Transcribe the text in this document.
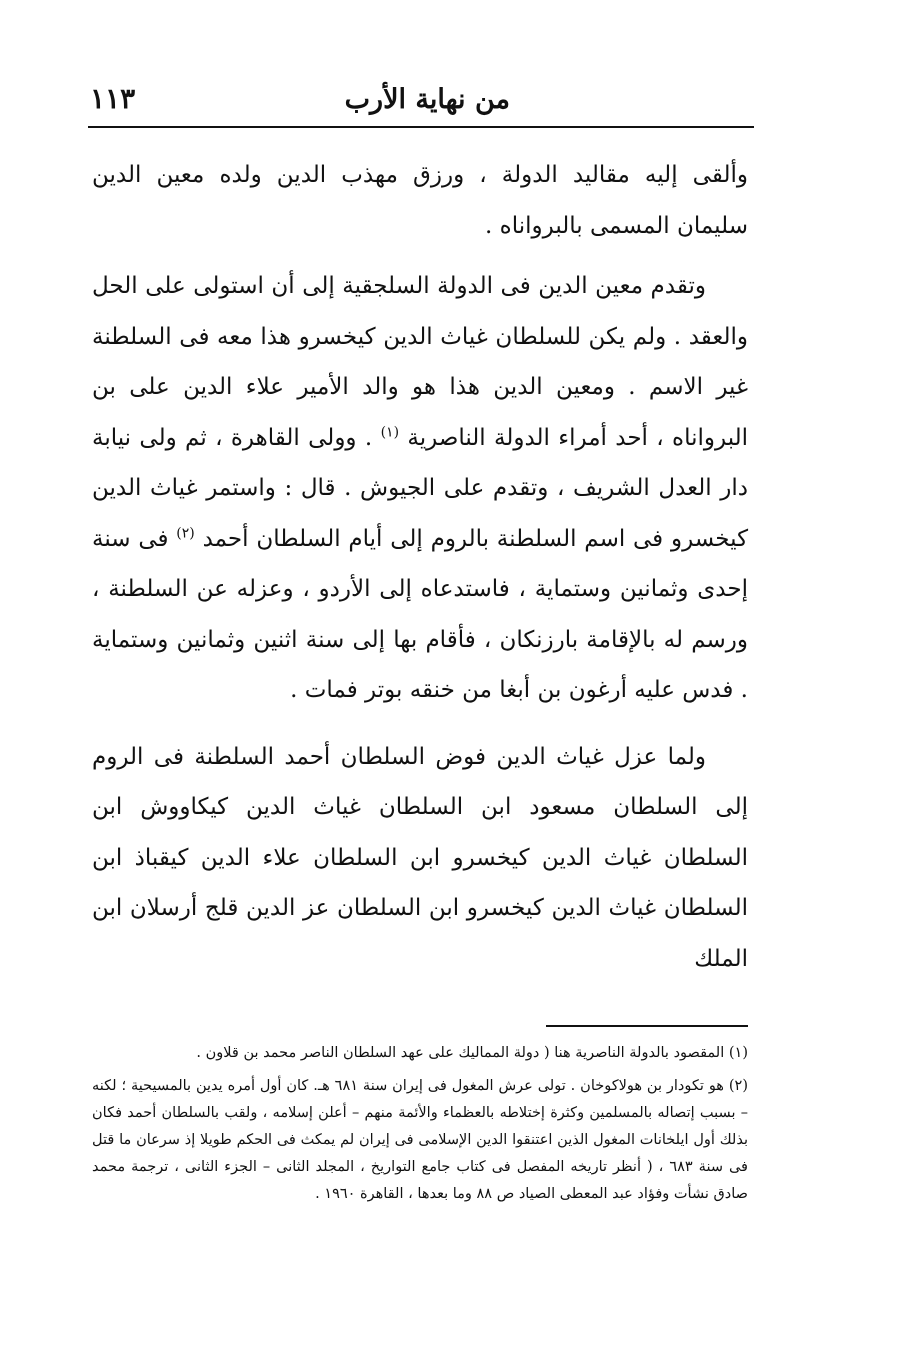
من نهاية الأرب
١١٣

وألقى إليه مقاليد الدولة ، ورزق مهذب الدين ولده معين الدين سليمان المسمى بالبرواناه .

وتقدم معين الدين فى الدولة السلجقية إلى أن استولى على الحل والعقد . ولم يكن للسلطان غياث الدين كيخسرو هذا معه فى السلطنة غير الاسم . ومعين الدين هذا هو والد الأمير علاء الدين على بن البرواناه ، أحد أمراء الدولة الناصرية $^{(١)}$ . وولى القاهرة ، ثم ولى نيابة دار العدل الشريف ، وتقدم على الجيوش . قال : واستمر غياث الدين كيخسرو فى اسم السلطنة بالروم إلى أيام السلطان أحمد $^{(٢)}$ فى سنة إحدى وثمانين وستماية ، فاستدعاه إلى الأردو ، وعزله عن السلطنة ، ورسم له بالإقامة بارزنكان ، فأقام بها إلى سنة اثنين وثمانين وستماية . فدس عليه أرغون بن أبغا من خنقه بوتر فمات .

ولما عزل غياث الدين فوض السلطان أحمد السلطنة فى الروم إلى السلطان مسعود ابن السلطان غياث الدين كيكاووش ابن السلطان غياث الدين كيخسرو ابن السلطان علاء الدين كيقباذ ابن السلطان غياث الدين كيخسرو ابن السلطان عز الدين قلج أرسلان ابن الملك

(١) المقصود بالدولة الناصرية هنا ( دولة المماليك على عهد السلطان الناصر محمد بن قلاون .

(٢) هو تكودار بن هولاكوخان . تولى عرش المغول فى إيران سنة ٦٨١ هـ. كان أول أمره يدين بالمسيحية ؛ لكنه – بسبب إتصاله بالمسلمين وكثرة إختلاطه بالعظماء والأئمة منهم – أعلن إسلامه ، ولقب بالسلطان أحمد فكان بذلك أول ايلخانات المغول الذين اعتنقوا الدين الإسلامى فى إيران لم يمكث فى الحكم طويلا إذ سرعان ما قتل فى سنة ٦٨٣ ، ( أنظر تاريخه المفصل فى كتاب جامع التواريخ ، المجلد الثانى – الجزء الثانى ، ترجمة محمد صادق نشأت وفؤاد عبد المعطى الصياد ص ٨٨ وما بعدها ، القاهرة ١٩٦٠ .
